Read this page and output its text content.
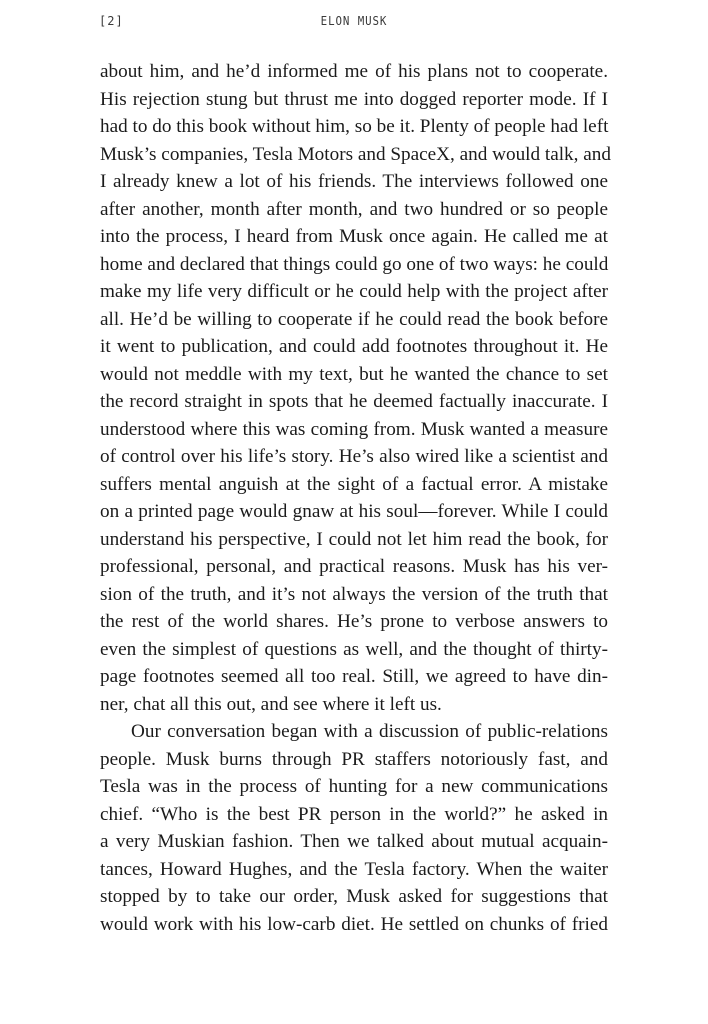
[2]	ELON MUSK
about him, and he’d informed me of his plans not to cooperate.
His rejection stung but thrust me into dogged reporter mode. If I
had to do this book without him, so be it. Plenty of people had left
Musk’s companies, Tesla Motors and SpaceX, and would talk, and
I already knew a lot of his friends. The interviews followed one
after another, month after month, and two hundred or so people
into the process, I heard from Musk once again. He called me at
home and declared that things could go one of two ways: he could
make my life very difficult or he could help with the project after
all. He’d be willing to cooperate if he could read the book before
it went to publication, and could add footnotes throughout it. He
would not meddle with my text, but he wanted the chance to set
the record straight in spots that he deemed factually inaccurate. I
understood where this was coming from. Musk wanted a measure
of control over his life’s story. He’s also wired like a scientist and
suffers mental anguish at the sight of a factual error. A mistake
on a printed page would gnaw at his soul—forever. While I could
understand his perspective, I could not let him read the book, for
professional, personal, and practical reasons. Musk has his ver-
sion of the truth, and it’s not always the version of the truth that
the rest of the world shares. He’s prone to verbose answers to
even the simplest of questions as well, and the thought of thirty-
page footnotes seemed all too real. Still, we agreed to have din-
ner, chat all this out, and see where it left us.
Our conversation began with a discussion of public-relations
people. Musk burns through PR staffers notoriously fast, and
Tesla was in the process of hunting for a new communications
chief. “Who is the best PR person in the world?” he asked in
a very Muskian fashion. Then we talked about mutual acquain-
tances, Howard Hughes, and the Tesla factory. When the waiter
stopped by to take our order, Musk asked for suggestions that
would work with his low-carb diet. He settled on chunks of fried
